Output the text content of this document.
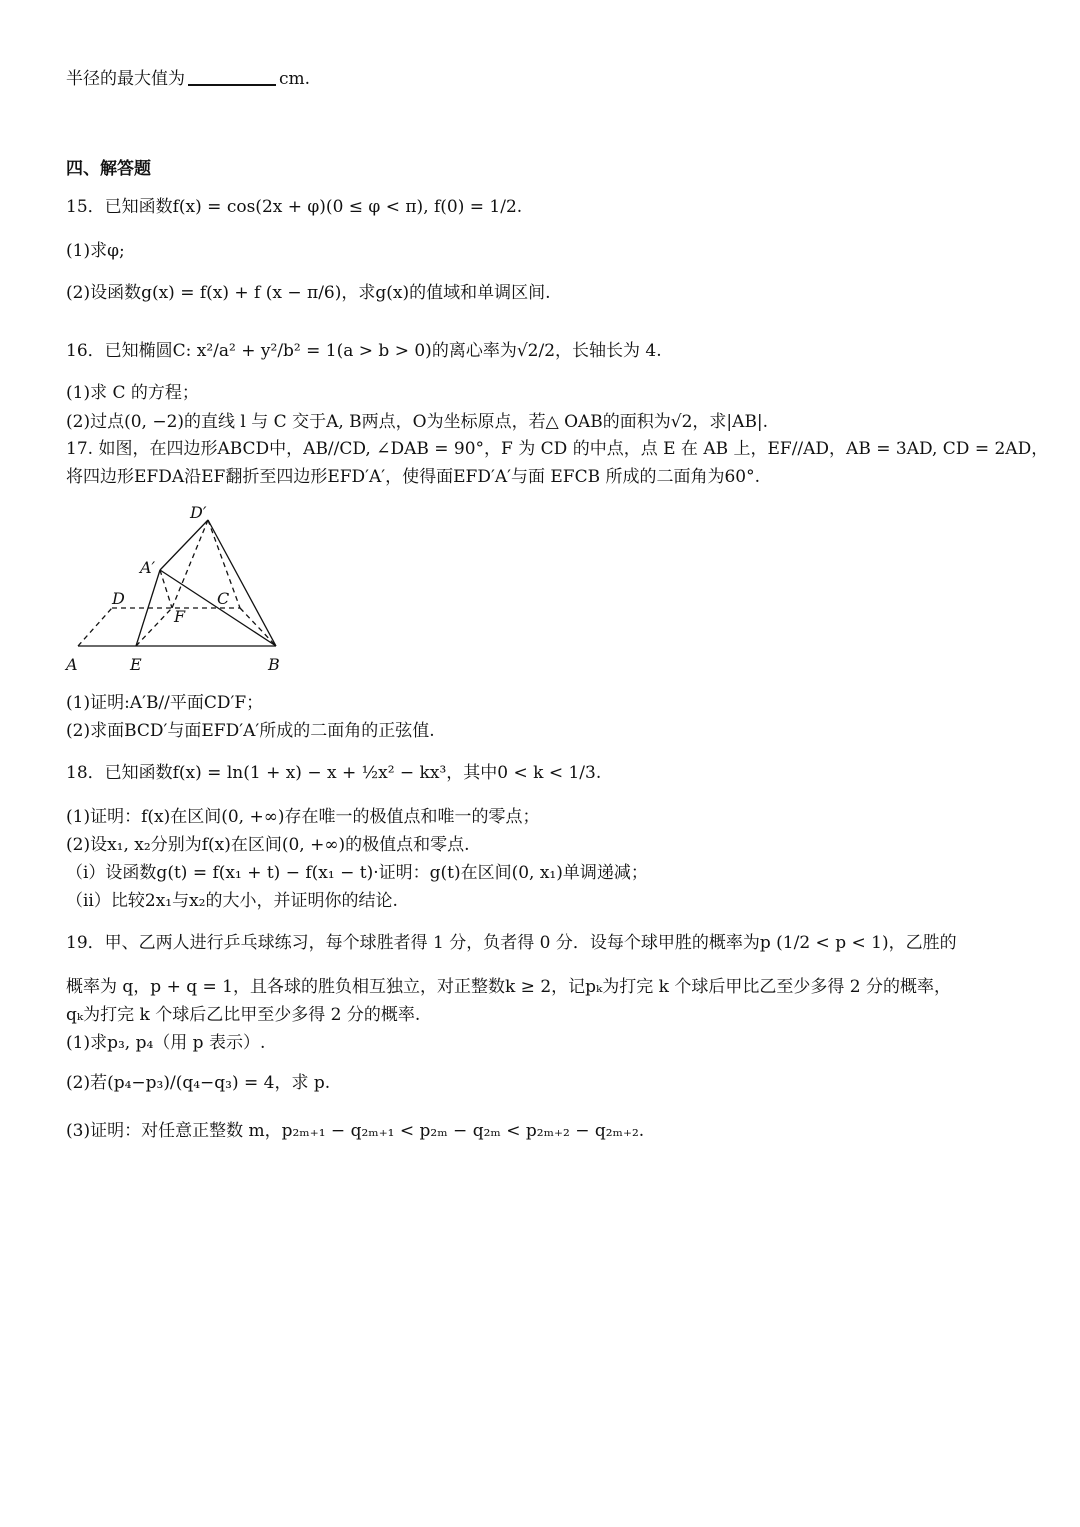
半径的最大值为	cm.
四、解答题
15．已知函数f(x) = cos(2x + φ)(0 ≤ φ < π), f(0) = 1/2.
(1)求φ;
(2)设函数g(x) = f(x) + f (x − π/6)，求g(x)的值域和单调区间.
16．已知椭圆C: x²/a² + y²/b² = 1(a > b > 0)的离心率为√2/2，长轴长为 4.
(1)求 C 的方程；
(2)过点(0, −2)的直线 l 与 C 交于A, B两点，O为坐标原点，若△ OAB的面积为√2，求|AB|.
17. 如图，在四边形ABCD中，AB//CD, ∠DAB = 90°，F 为 CD 的中点，点 E 在 AB 上，EF//AD，AB = 3AD, CD = 2AD，
将四边形EFDA沿EF翻折至四边形EFD′A′，使得面EFD′A′与面 EFCB 所成的二面角为60°.
D′
A′
D	C
F
A	E	B
(1)证明:A′B//平面CD′F；
(2)求面BCD′与面EFD′A′所成的二面角的正弦值.
18．已知函数f(x) = ln(1 + x) − x + ½x² − kx³，其中0 < k < 1/3.
(1)证明：f(x)在区间(0, +∞)存在唯一的极值点和唯一的零点；
(2)设x₁, x₂分别为f(x)在区间(0, +∞)的极值点和零点.
（i）设函数g(t) = f(x₁ + t) − f(x₁ − t)·证明：g(t)在区间(0, x₁)单调递减；
（ii）比较2x₁与x₂的大小，并证明你的结论.
19．甲、乙两人进行乒乓球练习，每个球胜者得 1 分，负者得 0 分．设每个球甲胜的概率为p (1/2 < p < 1)，乙胜的
概率为 q，p + q = 1，且各球的胜负相互独立，对正整数k ≥ 2，记pₖ为打完 k 个球后甲比乙至少多得 2 分的概率，
qₖ为打完 k 个球后乙比甲至少多得 2 分的概率.
(1)求p₃, p₄（用 p 表示）.
(2)若(p₄−p₃)/(q₄−q₃) = 4，求 p.
(3)证明：对任意正整数 m，p₂ₘ₊₁ − q₂ₘ₊₁ < p₂ₘ − q₂ₘ < p₂ₘ₊₂ − q₂ₘ₊₂.
